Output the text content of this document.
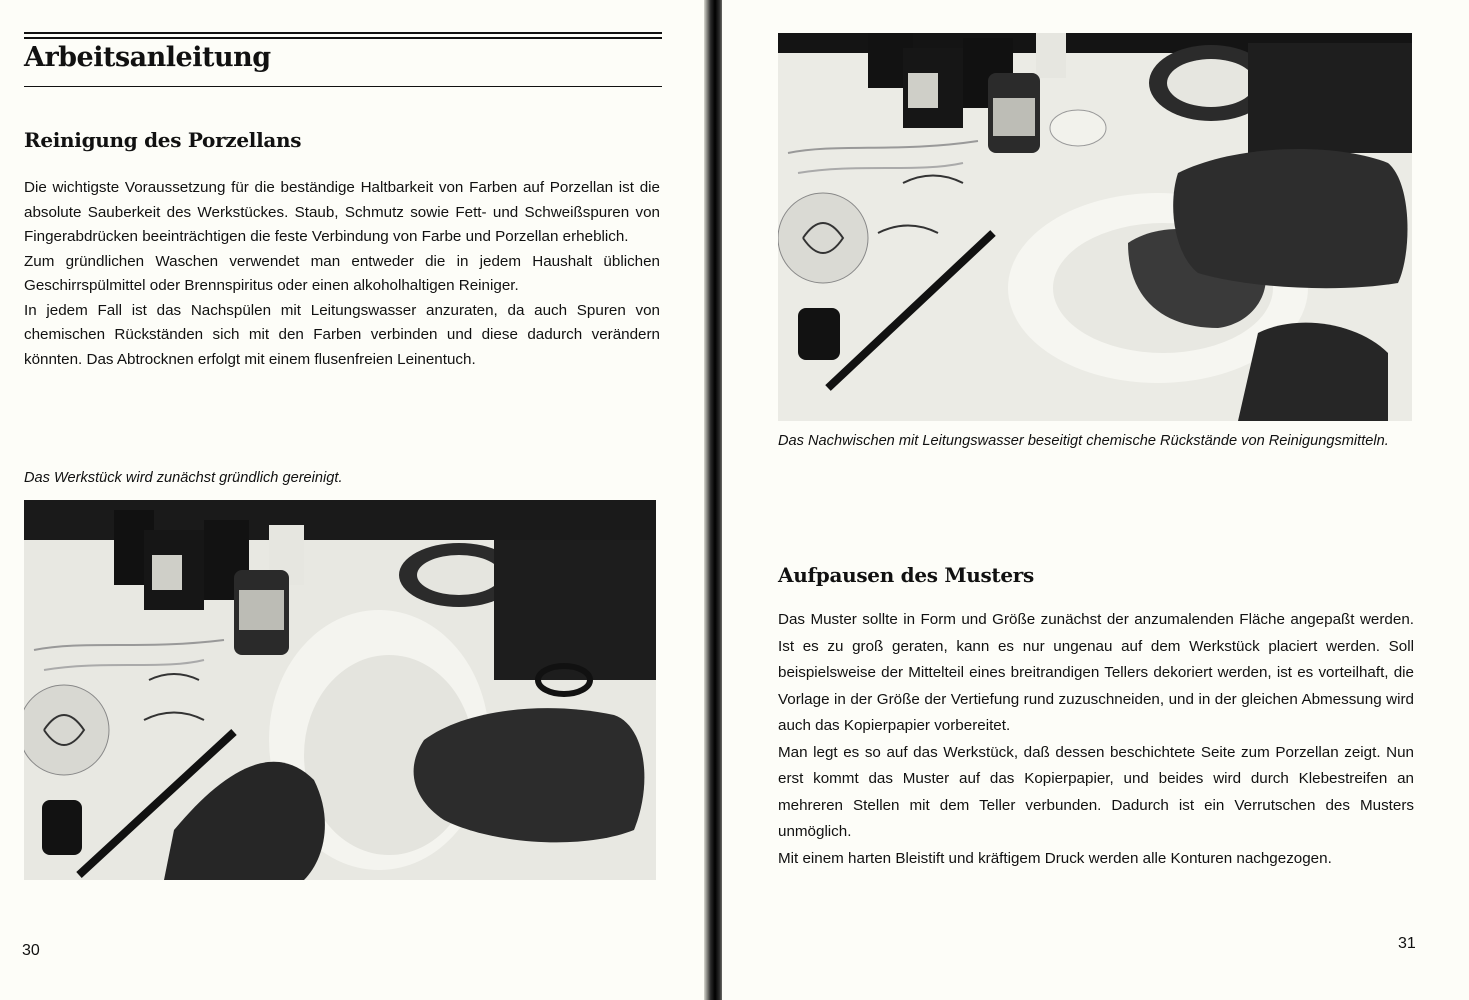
Arbeitsanleitung
Reinigung des Porzellans

Die wichtigste Voraussetzung für die beständige Haltbarkeit von Farben auf Porzellan ist die absolute Sauberkeit des Werkstückes. Staub, Schmutz sowie Fett- und Schweißspuren von Fingerabdrücken beeinträchtigen die feste Verbindung von Farbe und Porzellan erheblich.

Zum gründlichen Waschen verwendet man entweder die in jedem Haushalt üblichen Geschirrspülmittel oder Brennspiritus oder einen alkoholhaltigen Reiniger.

In jedem Fall ist das Nachspülen mit Leitungswasser anzuraten, da auch Spuren von chemischen Rückständen sich mit den Farben verbinden und diese dadurch verändern könnten. Das Abtrocknen erfolgt mit einem flusenfreien Leinentuch.

Das Werkstück wird zunächst gründlich gereinigt.
30
Das Nachwischen mit Leitungswasser beseitigt chemische Rückstände von Reinigungsmitteln.
Aufpausen des Musters

Das Muster sollte in Form und Größe zunächst der anzumalenden Fläche angepaßt werden. Ist es zu groß geraten, kann es nur ungenau auf dem Werkstück placiert werden. Soll beispielsweise der Mittelteil eines breitrandigen Tellers dekoriert werden, ist es vorteilhaft, die Vorlage in der Größe der Vertiefung rund zuzuschneiden, und in der gleichen Abmessung wird auch das Kopierpapier vorbereitet.

Man legt es so auf das Werkstück, daß dessen beschichtete Seite zum Porzellan zeigt. Nun erst kommt das Muster auf das Kopierpapier, und beides wird durch Klebestreifen an mehreren Stellen mit dem Teller verbunden. Dadurch ist ein Verrutschen des Musters unmöglich.

Mit einem harten Bleistift und kräftigem Druck werden alle Konturen nachgezogen.

31
